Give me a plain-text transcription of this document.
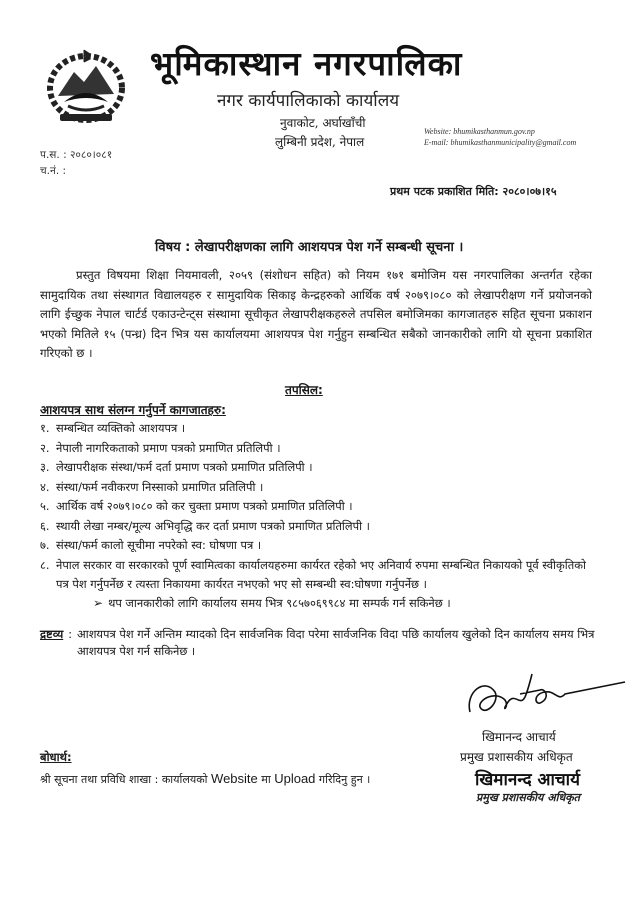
भूमिकास्थान नगरपालिका
नगर कार्यपालिकाको कार्यालय
नुवाकोट, अर्घाखाँची
लुम्बिनी प्रदेश, नेपाल
Website: bhumikasthanmun.gov.np
E-mail: bhumikasthanmunicipality@gmail.com
प.स. : २०८०।०८१
च.नं. :
प्रथम पटक प्रकाशित मिति: २०८०।०७।१५
विषय : लेखापरीक्षणका लागि आशयपत्र पेश गर्ने सम्बन्धी सूचना ।
प्रस्तुत विषयमा शिक्षा नियमावली, २०५९ (संशोधन सहित) को नियम १७१ बमोजिम यस नगरपालिका अन्तर्गत रहेका सामुदायिक तथा संस्थागत विद्यालयहरु र सामुदायिक सिकाइ केन्द्रहरुको आर्थिक वर्ष २०७९।०८० को लेखापरीक्षण गर्ने प्रयोजनको लागि ईच्छुक नेपाल चार्टर्ड एकाउन्टेन्ट्स संस्थामा सूचीकृत लेखापरीक्षकहरुले तपसिल बमोजिमका कागजातहरु सहित सूचना प्रकाशन भएको मितिले १५ (पन्ध्र) दिन भित्र यस कार्यालयमा आशयपत्र पेश गर्नुहुन सम्बन्धित सबैको जानकारीको लागि यो सूचना प्रकाशित गरिएको छ ।
तपसिल:
आशयपत्र साथ संलग्न गर्नुपर्ने कागजातहरु:
१. सम्बन्धित व्यक्तिको आशयपत्र ।
२. नेपाली नागरिकताको प्रमाण पत्रको प्रमाणित प्रतिलिपी ।
३. लेखापरीक्षक संस्था/फर्म दर्ता प्रमाण पत्रको प्रमाणित प्रतिलिपी ।
४. संस्था/फर्म नवीकरण निस्साको प्रमाणित प्रतिलिपी ।
५. आर्थिक वर्ष २०७९।०८० को कर चुक्ता प्रमाण पत्रको प्रमाणित प्रतिलिपी ।
६. स्थायी लेखा नम्बर/मूल्य अभिवृद्धि कर दर्ता प्रमाण पत्रको प्रमाणित प्रतिलिपी ।
७. संस्था/फर्म कालो सूचीमा नपरेको स्व: घोषणा पत्र ।
८. नेपाल सरकार वा सरकारको पूर्ण स्वामित्वका कार्यालयहरुमा कार्यरत रहेको भए अनिवार्य रुपमा सम्बन्धित निकायको पूर्व स्वीकृतिको पत्र पेश गर्नुपर्नेछ र त्यस्ता निकायमा कार्यरत नभएको भए सो सम्बन्धी स्व:घोषणा गर्नुपर्नेछ ।
➢ थप जानकारीको लागि कार्यालय समय भित्र ९८५७०६९९८४ मा सम्पर्क गर्न सकिनेछ ।
द्रष्टव्य : आशयपत्र पेश गर्ने अन्तिम म्यादको दिन सार्वजनिक विदा परेमा सार्वजनिक विदा पछि कार्यालय खुलेको दिन कार्यालय समय भित्र आशयपत्र पेश गर्न सकिनेछ ।
खिमानन्द आचार्य
प्रमुख प्रशासकीय अधिकृत
खिमानन्द आचार्य
प्रमुख प्रशासकीय अधिकृत
बोधार्थ:
श्री सूचना तथा प्रविधि शाखा : कार्यालयको Website मा Upload गरिदिनु हुन ।
